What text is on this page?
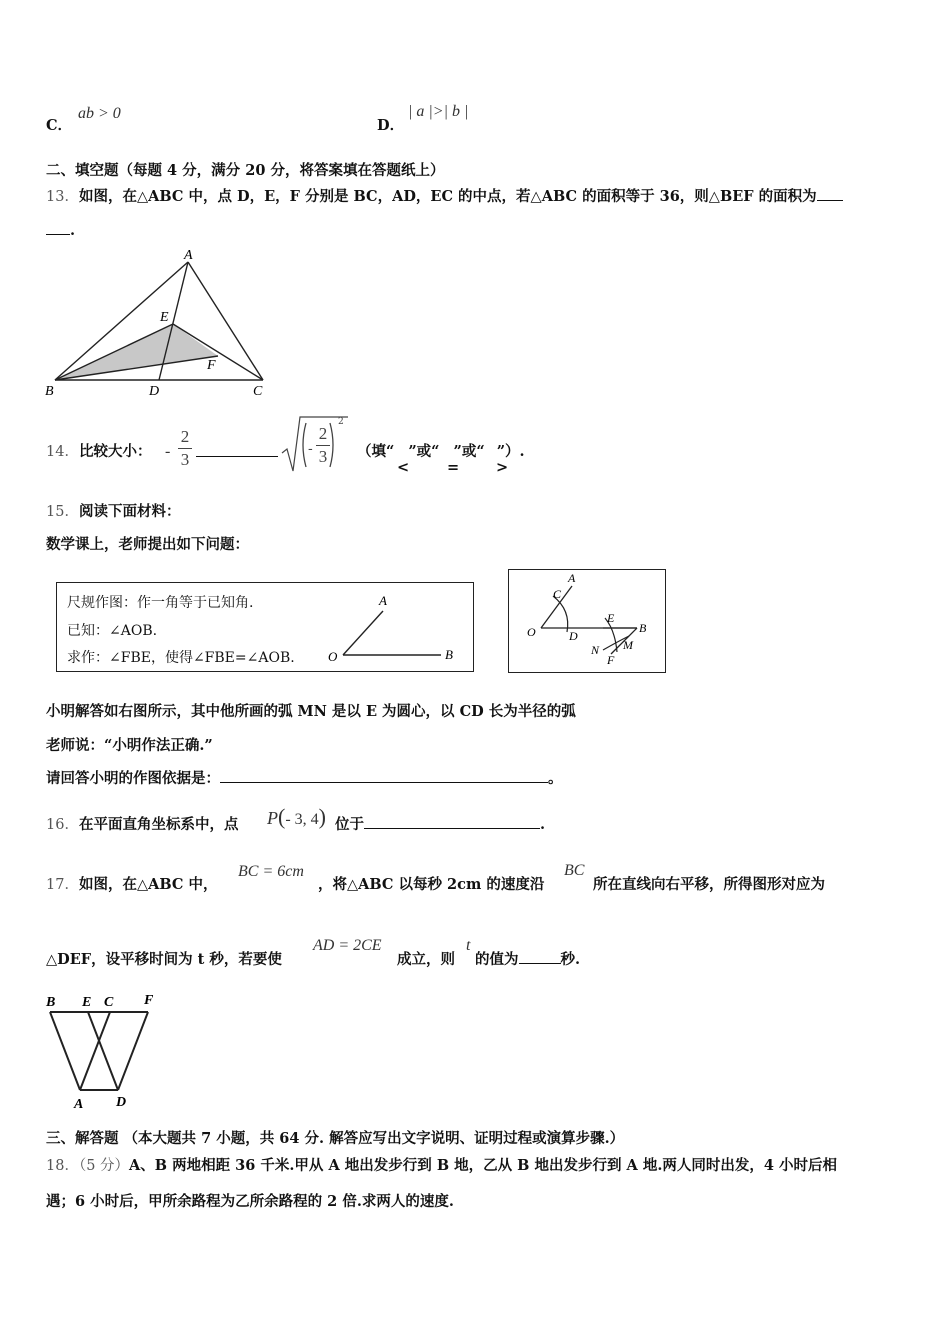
C．
ab > 0
D．
| a |>| b |
二、填空题（每题 4 分，满分 20 分，将答案填在答题纸上）
13．如图，在△ABC 中，点 D，E，F 分别是 BC，AD，EC 的中点，若△ABC 的面积等于 36，则△BEF 的面积为
.
A
E
F
B	D	C
14．比较大小： -
2
3
-
2
3
2
（填“ ”或“ ”或“ ”）.
<	=	>
15．阅读下面材料：
数学课上，老师提出如下问题：
尺规作图：作一角等于已知角.
已知：∠AOB.
求作：∠FBE，使得∠FBE=∠AOB.
A
O	B
A
C
O	D
E
B
N
F
M
小明解答如右图所示，其中他所画的弧 MN 是以 E 为圆心，以 CD 长为半径的弧
老师说：“小明作法正确.”
请回答小明的作图依据是：	。
16．在平面直角坐标系中，点 P(- 3, 4) 位于	.
17．如图，在△ABC 中，
BC = 6cm
，将△ABC 以每秒 2cm 的速度沿
BC
所在直线向右平移，所得图形对应为
△DEF，设平移时间为 t 秒，若要使
AD = 2CE
成立，则
t
的值为	秒.
B E C F
A D
三、解答题 （本大题共 7 小题，共 64 分. 解答应写出文字说明、证明过程或演算步骤.）
18．（5 分）A、B 两地相距 36 千米.甲从 A 地出发步行到 B 地，乙从 B 地出发步行到 A 地.两人同时出发，4 小时后相
遇；6 小时后，甲所余路程为乙所余路程的 2 倍.求两人的速度.
